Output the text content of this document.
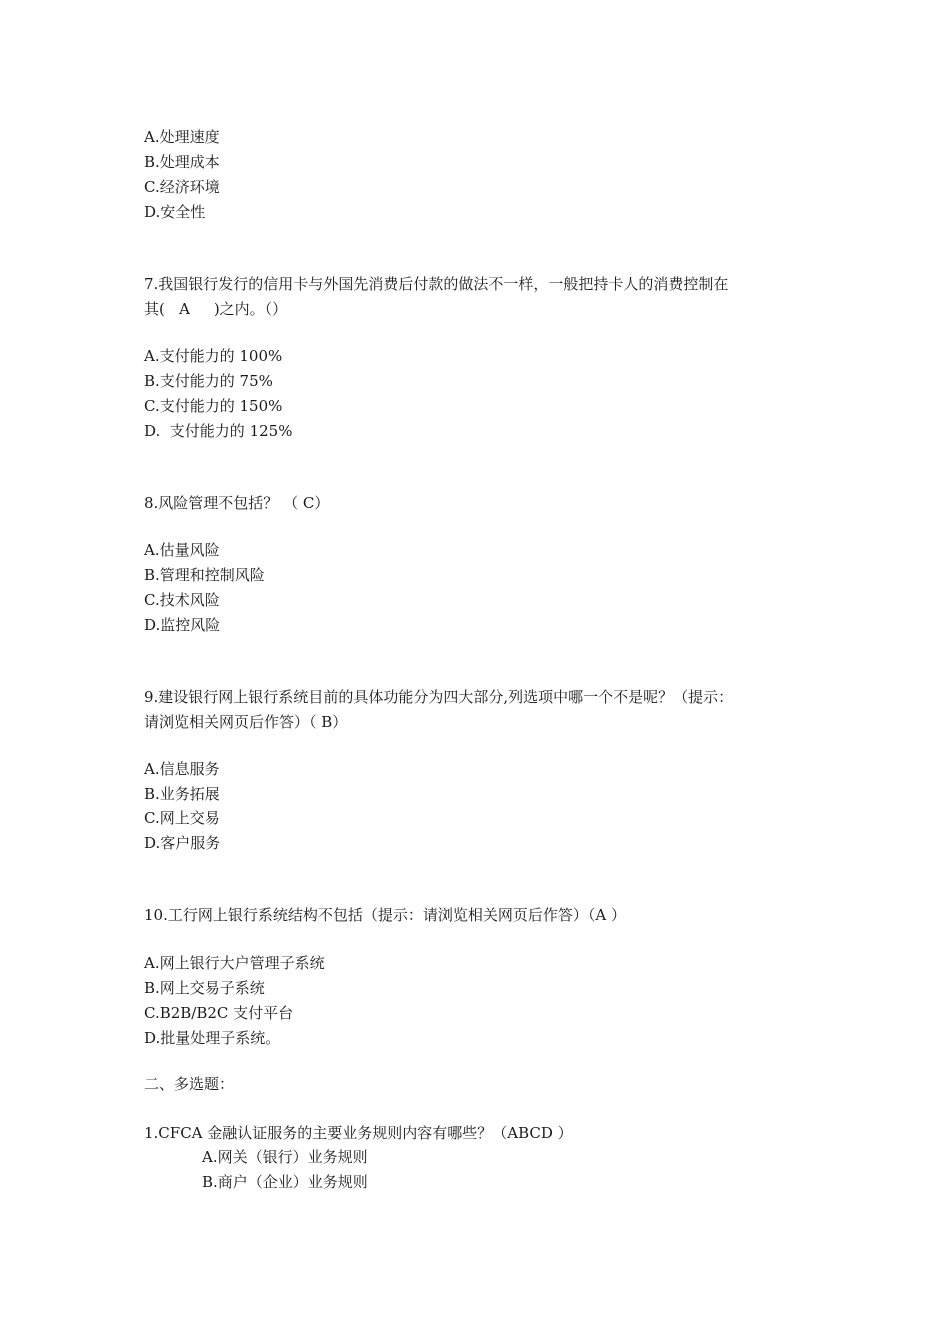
A.处理速度
B.处理成本
C.经济环境
D.安全性
7.我国银行发行的信用卡与外国先消费后付款的做法不一样，一般把持卡人的消费控制在
其(   A     )之内。（）
A.支付能力的 100%
B.支付能力的 75%
C.支付能力的 150%
D.  支付能力的 125%
8.风险管理不包括？ （ C）
A.估量风险
B.管理和控制风险
C.技术风险
D.监控风险
9.建设银行网上银行系统目前的具体功能分为四大部分,列选项中哪一个不是呢？（提示：
请浏览相关网页后作答）（ B）
A.信息服务
B.业务拓展
C.网上交易
D.客户服务
10.工行网上银行系统结构不包括（提示：请浏览相关网页后作答）（A ）
A.网上银行大户管理子系统
B.网上交易子系统
C.B2B/B2C 支付平台
D.批量处理子系统。
二、多选题：
1.CFCA 金融认证服务的主要业务规则内容有哪些？（ABCD ）
A.网关（银行）业务规则
B.商户（企业）业务规则
